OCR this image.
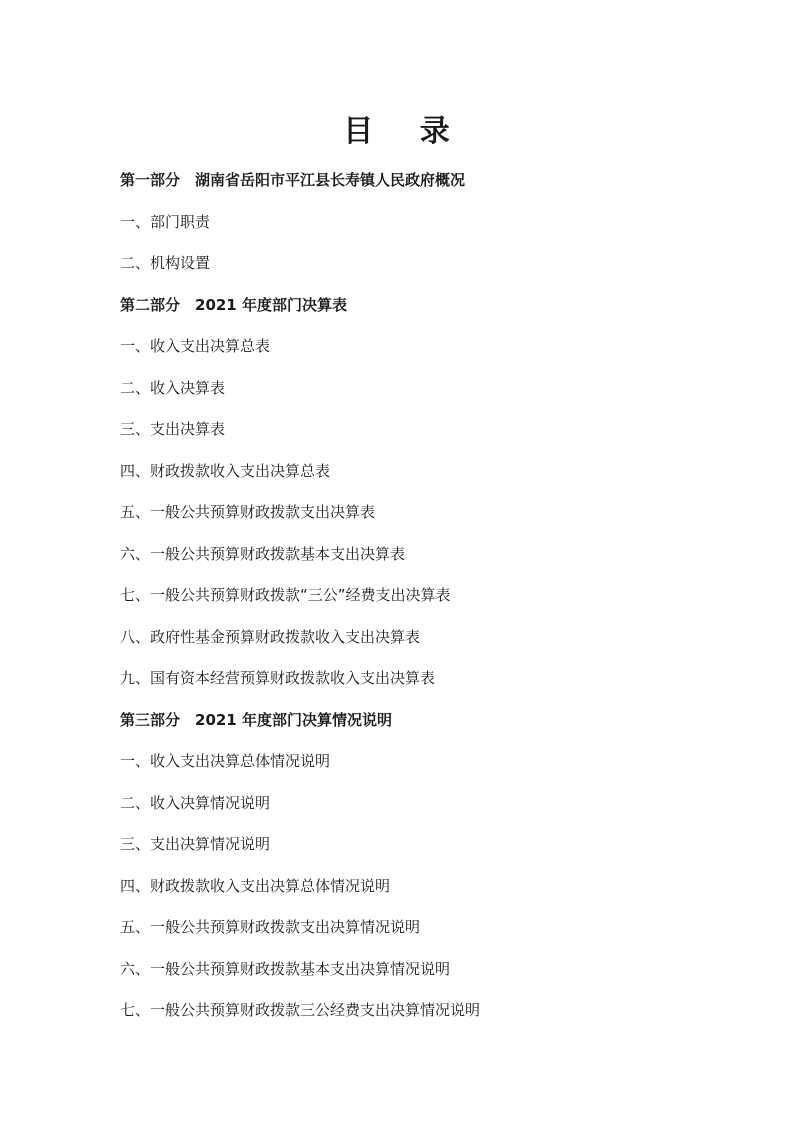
目 录
第一部分　湖南省岳阳市平江县长寿镇人民政府概况
一、部门职责
二、机构设置
第二部分　2021 年度部门决算表
一、收入支出决算总表
二、收入决算表
三、支出决算表
四、财政拨款收入支出决算总表
五、一般公共预算财政拨款支出决算表
六、一般公共预算财政拨款基本支出决算表
七、一般公共预算财政拨款“三公”经费支出决算表
八、政府性基金预算财政拨款收入支出决算表
九、国有资本经营预算财政拨款收入支出决算表
第三部分　2021 年度部门决算情况说明
一、收入支出决算总体情况说明
二、收入决算情况说明
三、支出决算情况说明
四、财政拨款收入支出决算总体情况说明
五、一般公共预算财政拨款支出决算情况说明
六、一般公共预算财政拨款基本支出决算情况说明
七、一般公共预算财政拨款三公经费支出决算情况说明
